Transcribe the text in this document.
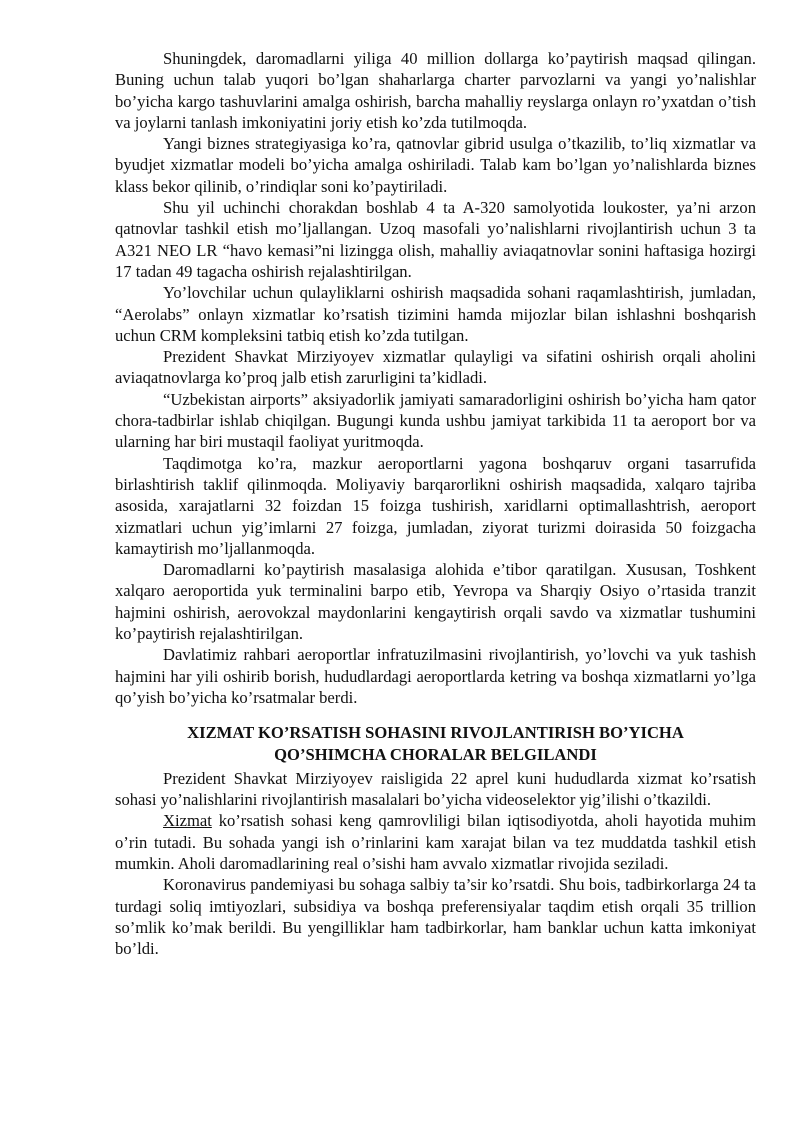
Shuningdek, daromadlarni yiliga 40 million dollarga ko’paytirish maqsad qilingan. Buning uchun talab yuqori bo’lgan shaharlarga charter parvozlarni va yangi yo’nalishlar bo’yicha kargo tashuvlarini amalga oshirish, barcha mahalliy reyslarga onlayn ro’yxatdan o’tish va joylarni tanlash imkoniyatini joriy etish ko’zda tutilmoqda.

Yangi biznes strategiyasiga ko’ra, qatnovlar gibrid usulga o’tkazilib, to’liq xizmatlar va byudjet xizmatlar modeli bo’yicha amalga oshiriladi. Talab kam bo’lgan yo’nalishlarda biznes klass bekor qilinib, o’rindiqlar soni ko’paytiriladi.

Shu yil uchinchi chorakdan boshlab 4 ta A-320 samolyotida loukoster, ya’ni arzon qatnovlar tashkil etish mo’ljallangan. Uzoq masofali yo’nalishlarni rivojlantirish uchun 3 ta A321 NEO LR “havo kemasi”ni lizingga olish, mahalliy aviaqatnovlar sonini haftasiga hozirgi 17 tadan 49 tagacha oshirish rejalashtirilgan.

Yo’lovchilar uchun qulayliklarni oshirish maqsadida sohani raqamlashtirish, jumladan, “Aerolabs” onlayn xizmatlar ko’rsatish tizimini hamda mijozlar bilan ishlashni boshqarish uchun CRM kompleksini tatbiq etish ko’zda tutilgan.

Prezident Shavkat Mirziyoyev xizmatlar qulayligi va sifatini oshirish orqali aholini aviaqatnovlarga ko’proq jalb etish zarurligini ta’kidladi.

“Uzbekistan airports” aksiyadorlik jamiyati samaradorligini oshirish bo’yicha ham qator chora-tadbirlar ishlab chiqilgan. Bugungi kunda ushbu jamiyat tarkibida 11 ta aeroport bor va ularning har biri mustaqil faoliyat yuritmoqda.

Taqdimotga ko’ra, mazkur aeroportlarni yagona boshqaruv organi tasarrufida birlashtirish taklif qilinmoqda. Moliyaviy barqarorlikni oshirish maqsadida, xalqaro tajriba asosida, xarajatlarni 32 foizdan 15 foizga tushirish, xaridlarni optimallashtrish, aeroport xizmatlari uchun yig’imlarni 27 foizga, jumladan, ziyorat turizmi doirasida 50 foizgacha kamaytirish mo’ljallanmoqda.

Daromadlarni ko’paytirish masalasiga alohida e’tibor qaratilgan. Xususan, Toshkent xalqaro aeroportida yuk terminalini barpo etib, Yevropa va Sharqiy Osiyo o’rtasida tranzit hajmini oshirish, aerovokzal maydonlarini kengaytirish orqali savdo va xizmatlar tushumini ko’paytirish rejalashtirilgan.

Davlatimiz rahbari aeroportlar infratuzilmasini rivojlantirish, yo’lovchi va yuk tashish hajmini har yili oshirib borish, hududlardagi aeroportlarda ketring va boshqa xizmatlarni yo’lga qo’yish bo’yicha ko’rsatmalar berdi.

XIZMAT KO’RSATISH SOHASINI RIVOJLANTIRISH BO’YICHA
QO’SHIMCHA CHORALAR BELGILANDI

Prezident Shavkat Mirziyoyev raisligida 22 aprel kuni hududlarda xizmat ko’rsatish sohasi yo’nalishlarini rivojlantirish masalalari bo’yicha videoselektor yig’ilishi o’tkazildi.

Xizmat ko’rsatish sohasi keng qamrovliligi bilan iqtisodiyotda, aholi hayotida muhim o’rin tutadi. Bu sohada yangi ish o’rinlarini kam xarajat bilan va tez muddatda tashkil etish mumkin. Aholi daromadlarining real o’sishi ham avvalo xizmatlar rivojida seziladi.

Koronavirus pandemiyasi bu sohaga salbiy ta’sir ko’rsatdi. Shu bois, tadbirkorlarga 24 ta turdagi soliq imtiyozlari, subsidiya va boshqa preferensiyalar taqdim etish orqali 35 trillion so’mlik ko’mak berildi. Bu yengilliklar ham tadbirkorlar, ham banklar uchun katta imkoniyat bo’ldi.
